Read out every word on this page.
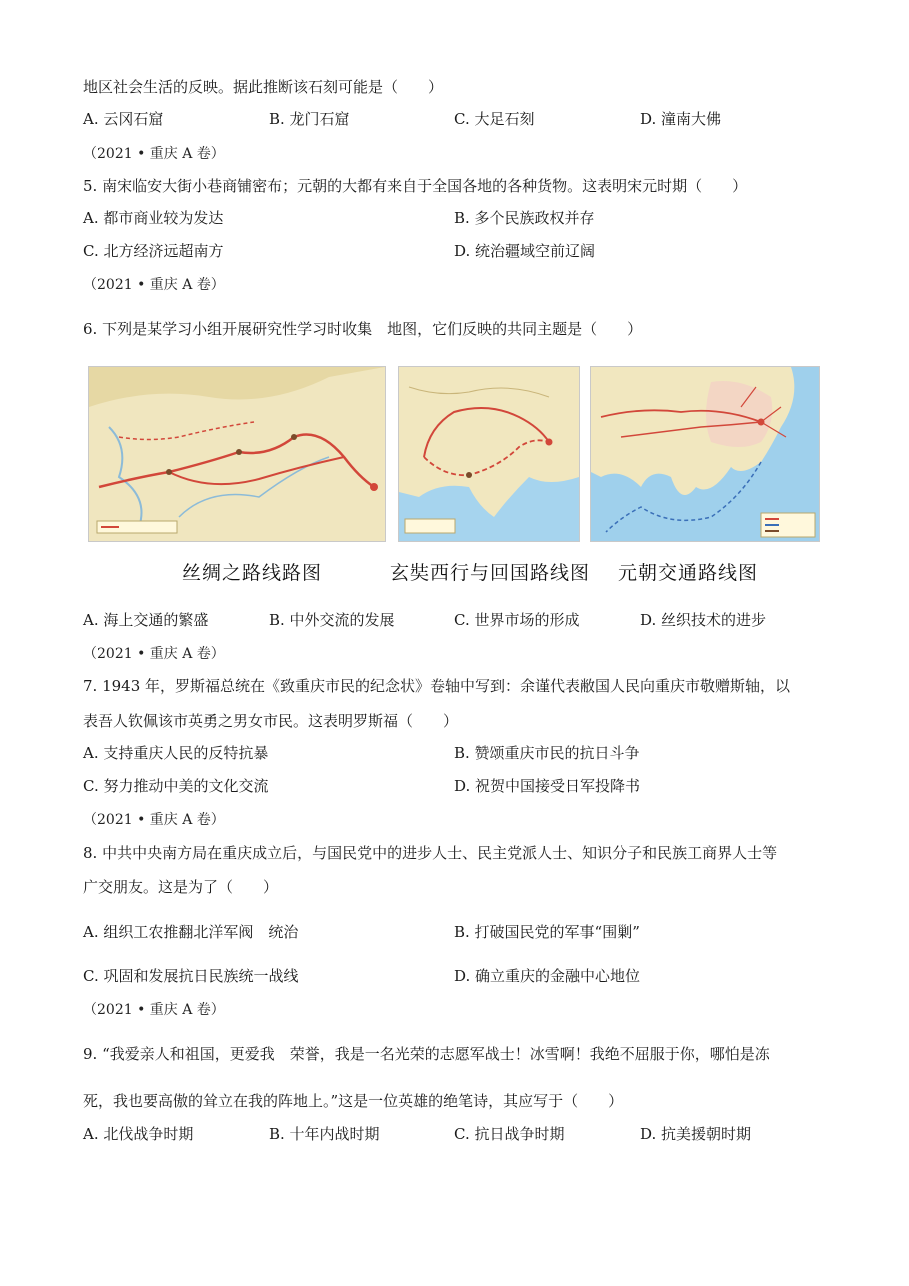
地区社会生活的反映。据此推断该石刻可能是（　　）
A. 云冈石窟	B. 龙门石窟	C. 大足石刻	D. 潼南大佛
（2021 • 重庆 A 卷）
5. 南宋临安大街小巷商铺密布；元朝的大都有来自于全国各地的各种货物。这表明宋元时期（　　）
A. 都市商业较为发达	B. 多个民族政权并存
C. 北方经济远超南方	D. 统治疆域空前辽阔
（2021 • 重庆 A 卷）
6. 下列是某学习小组开展研究性学习时收集　地图，它们反映的共同主题是（　　）
丝绸之路线路图	玄奘西行与回国路线图 元朝交通路线图
A. 海上交通的繁盛	B. 中外交流的发展	C. 世界市场的形成	D. 丝织技术的进步
（2021 • 重庆 A 卷）
7. 1943 年，罗斯福总统在《致重庆市民的纪念状》卷轴中写到：余谨代表敝国人民向重庆市敬赠斯轴，以
表吾人钦佩该市英勇之男女市民。这表明罗斯福（　　）
A. 支持重庆人民的反特抗暴	B. 赞颂重庆市民的抗日斗争
C. 努力推动中美的文化交流	D. 祝贺中国接受日军投降书
（2021 • 重庆 A 卷）
8. 中共中央南方局在重庆成立后，与国民党中的进步人士、民主党派人士、知识分子和民族工商界人士等
广交朋友。这是为了（　　）
A. 组织工农推翻北洋军阀　统治	B. 打破国民党的军事“围剿”
C. 巩固和发展抗日民族统一战线	D. 确立重庆的金融中心地位
（2021 • 重庆 A 卷）
9. “我爱亲人和祖国，更爱我　荣誉，我是一名光荣的志愿军战士！冰雪啊！我绝不屈服于你，哪怕是冻
死，我也要高傲的耸立在我的阵地上。”这是一位英雄的绝笔诗，其应写于（　　）
A. 北伐战争时期	B. 十年内战时期	C. 抗日战争时期	D. 抗美援朝时期
